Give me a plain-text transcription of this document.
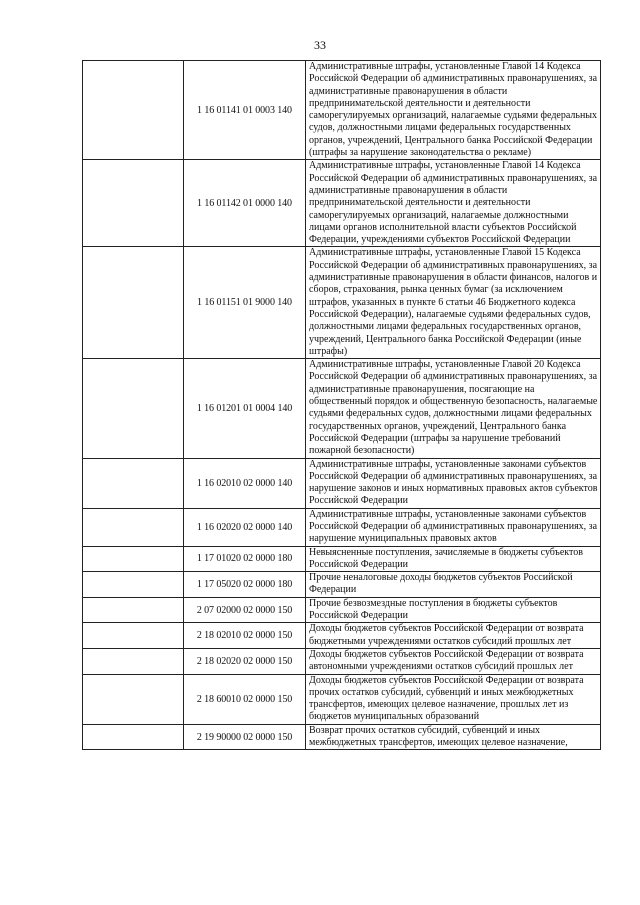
33
	1 16 01141 01 0003 140	Административные штрафы, установленные Главой 14 Кодекса Российской Федерации об административных правонарушениях, за административные правонарушения в области предпринимательской деятельности и деятельности саморегулируемых организаций, налагаемые судьями федеральных судов, должностными лицами федеральных государственных органов, учреждений, Центрального банка Российской Федерации (штрафы за нарушение законодательства о рекламе)
	1 16 01142 01 0000 140	Административные штрафы, установленные Главой 14 Кодекса Российской Федерации об административных правонарушениях, за административные правонарушения в области предпринимательской деятельности и деятельности саморегулируемых организаций, налагаемые должностными лицами органов исполнительной власти субъектов Российской Федерации, учреждениями субъектов Российской Федерации
	1 16 01151 01 9000 140	Административные штрафы, установленные Главой 15 Кодекса Российской Федерации об административных правонарушениях, за административные правонарушения в области финансов, налогов и сборов, страхования, рынка ценных бумаг (за исключением штрафов, указанных в пункте 6 статьи 46 Бюджетного кодекса Российской Федерации), налагаемые судьями федеральных судов, должностными лицами федеральных государственных органов, учреждений, Центрального банка Российской Федерации (иные штрафы)
	1 16 01201 01 0004 140	Административные штрафы, установленные Главой 20 Кодекса Российской Федерации об административных правонарушениях, за административные правонарушения, посягающие на общественный порядок и общественную безопасность, налагаемые судьями федеральных судов, должностными лицами федеральных государственных органов, учреждений, Центрального банка Российской Федерации (штрафы за нарушение требований пожарной безопасности)
	1 16 02010 02 0000 140	Административные штрафы, установленные законами субъектов Российской Федерации об административных правонарушениях, за нарушение законов и иных нормативных правовых актов субъектов Российской Федерации
	1 16 02020 02 0000 140	Административные штрафы, установленные законами субъектов Российской Федерации об административных правонарушениях, за нарушение муниципальных правовых актов
	1 17 01020 02 0000 180	Невыясненные поступления, зачисляемые в бюджеты субъектов Российской Федерации
	1 17 05020 02 0000 180	Прочие неналоговые доходы бюджетов субъектов Российской Федерации
	2 07 02000 02 0000 150	Прочие безвозмездные поступления в бюджеты субъектов Российской Федерации
	2 18 02010 02 0000 150	Доходы бюджетов субъектов Российской Федерации от возврата бюджетными учреждениями остатков субсидий прошлых лет
	2 18 02020 02 0000 150	Доходы бюджетов субъектов Российской Федерации от возврата автономными учреждениями остатков субсидий прошлых лет
	2 18 60010 02 0000 150	Доходы бюджетов субъектов Российской Федерации от возврата прочих остатков субсидий, субвенций и иных межбюджетных трансфертов, имеющих целевое назначение, прошлых лет из бюджетов муниципальных образований
	2 19 90000 02 0000 150	Возврат прочих остатков субсидий, субвенций и иных межбюджетных трансфертов, имеющих целевое назначение,
